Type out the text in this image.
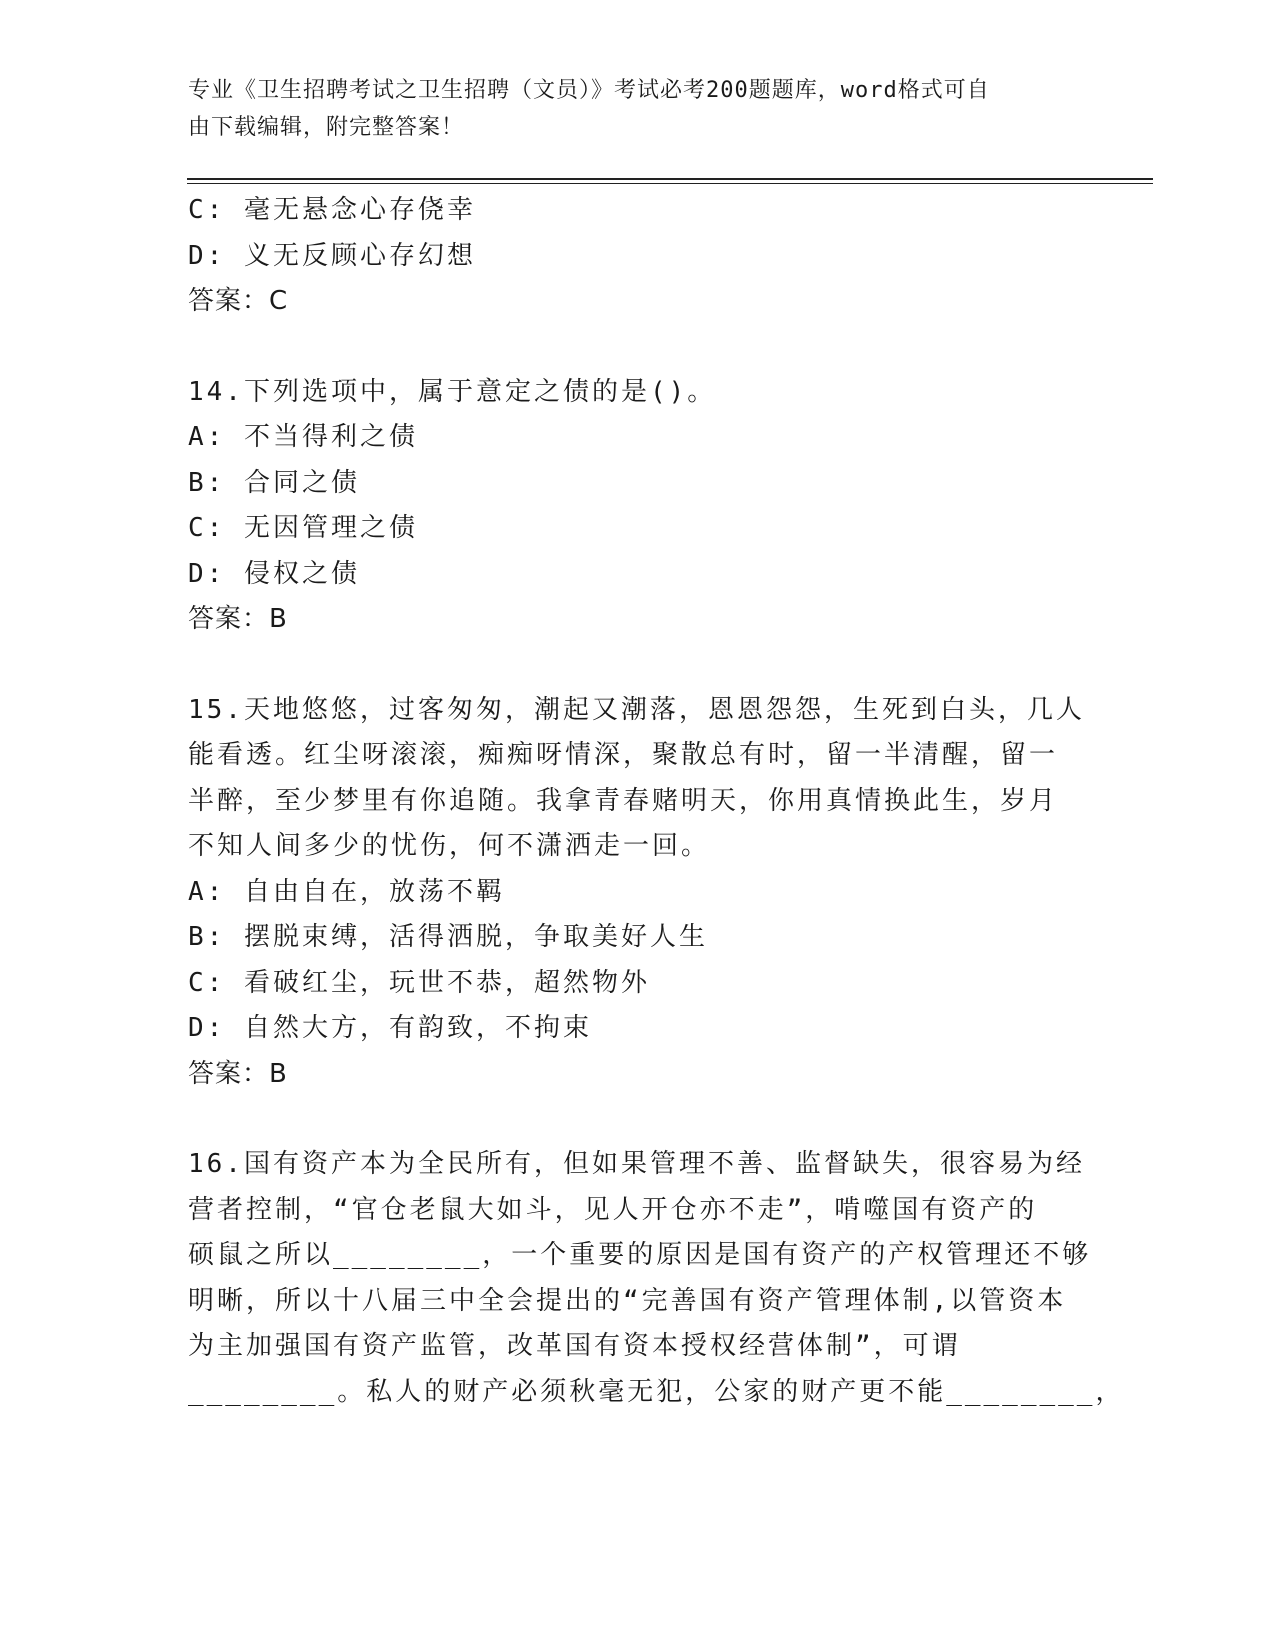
专业《卫生招聘考试之卫生招聘（文员）》考试必考200题题库，word格式可自
由下载编辑，附完整答案！
C: 毫无悬念心存侥幸
D: 义无反顾心存幻想
答案：C
14.下列选项中，属于意定之债的是()。
A: 不当得利之债
B: 合同之债
C: 无因管理之债
D: 侵权之债
答案：B
15.天地悠悠，过客匆匆，潮起又潮落，恩恩怨怨，生死到白头，几人
能看透。红尘呀滚滚，痴痴呀情深，聚散总有时，留一半清醒，留一
半醉，至少梦里有你追随。我拿青春赌明天，你用真情换此生，岁月
不知人间多少的忧伤，何不潇洒走一回。
A: 自由自在，放荡不羁
B: 摆脱束缚，活得洒脱，争取美好人生
C: 看破红尘，玩世不恭，超然物外
D: 自然大方，有韵致，不拘束
答案：B
16.国有资产本为全民所有，但如果管理不善、监督缺失，很容易为经
营者控制，“官仓老鼠大如斗，见人开仓亦不走”，啃噬国有资产的
硕鼠之所以________，一个重要的原因是国有资产的产权管理还不够
明晰，所以十八届三中全会提出的“完善国有资产管理体制,以管资本
为主加强国有资产监管，改革国有资本授权经营体制”，可谓
________。私人的财产必须秋毫无犯，公家的财产更不能________，
